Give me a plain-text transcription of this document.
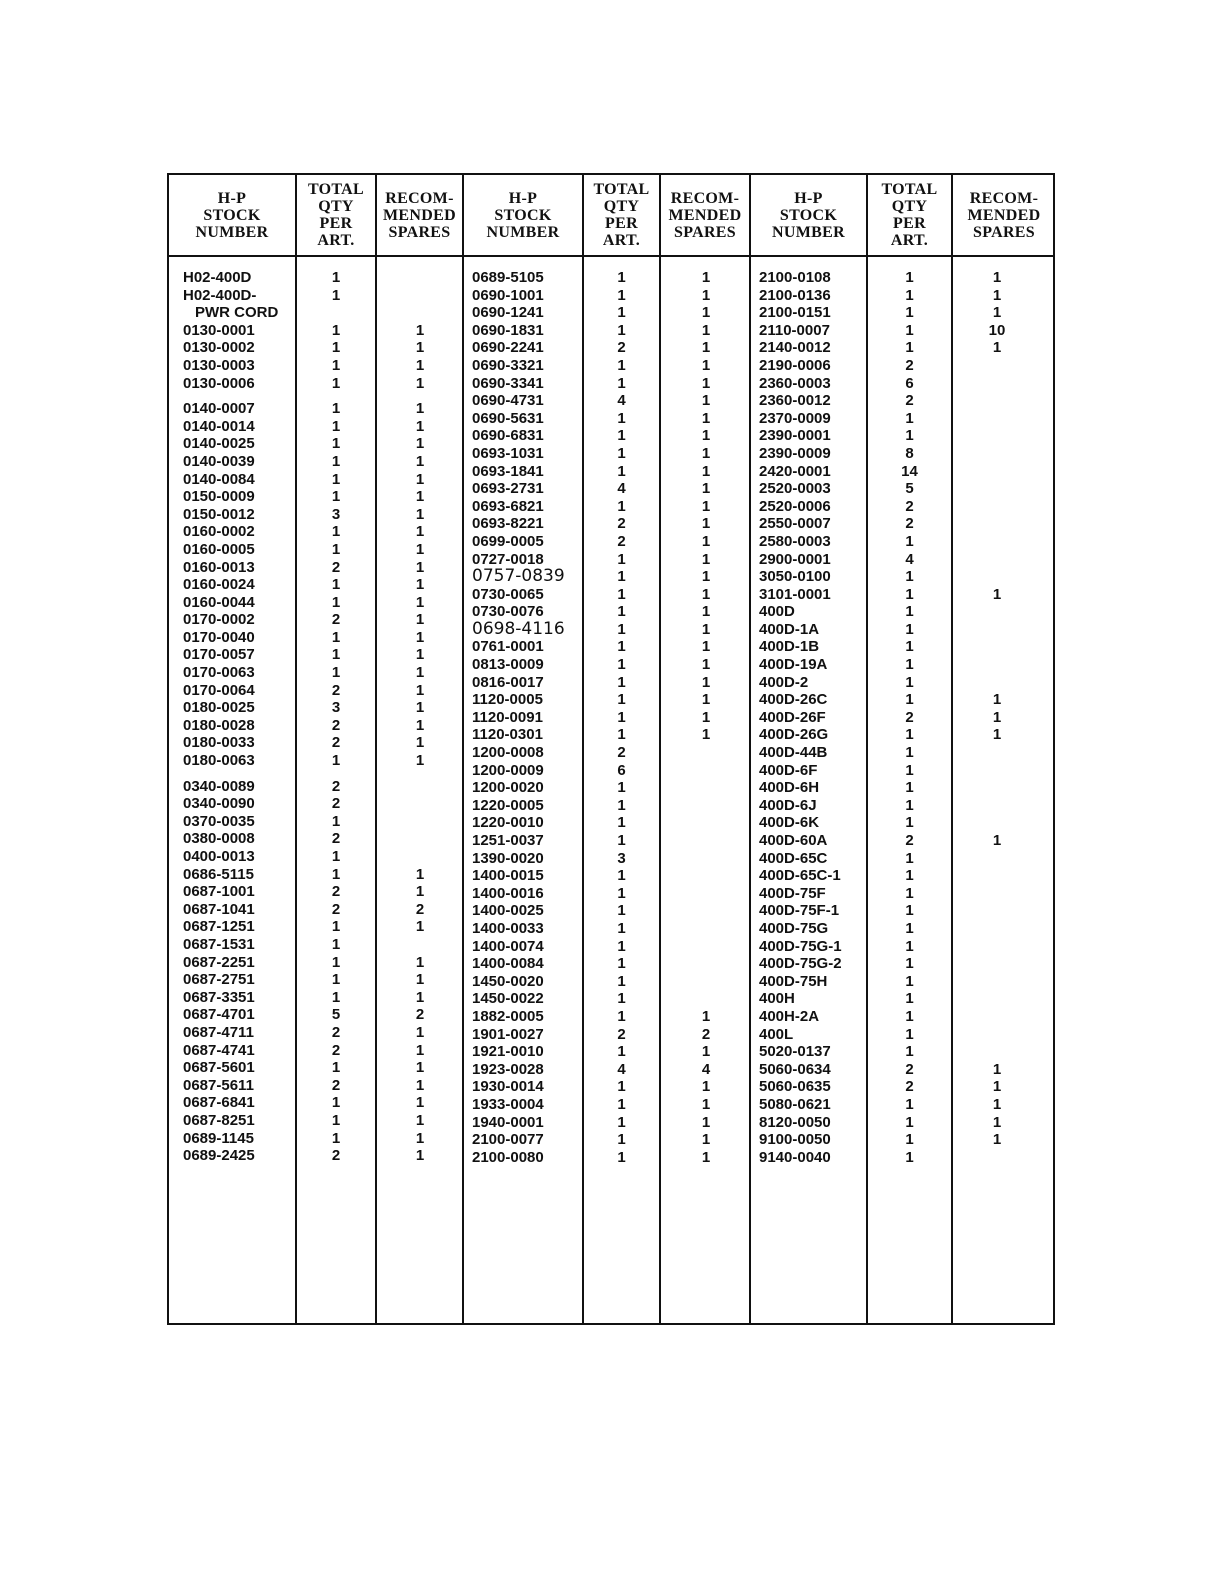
H-P
STOCK
NUMBER
TOTAL
QTY
PER
ART.
RECOM-
MENDED
SPARES
H-P
STOCK
NUMBER
TOTAL
QTY
PER
ART.
RECOM-
MENDED
SPARES
H-P
STOCK
NUMBER
TOTAL
QTY
PER
ART.
RECOM-
MENDED
SPARES
H02-400D
H02-400D-
PWR CORD
0130-0001
0130-0002
0130-0003
0130-0006
0140-0007
0140-0014
0140-0025
0140-0039
0140-0084
0150-0009
0150-0012
0160-0002
0160-0005
0160-0013
0160-0024
0160-0044
0170-0002
0170-0040
0170-0057
0170-0063
0170-0064
0180-0025
0180-0028
0180-0033
0180-0063
0340-0089
0340-0090
0370-0035
0380-0008
0400-0013
0686-5115
0687-1001
0687-1041
0687-1251
0687-1531
0687-2251
0687-2751
0687-3351
0687-4701
0687-4711
0687-4741
0687-5601
0687-5611
0687-6841
0687-8251
0689-1145
0689-2425
1
1
1
1
1
1
1
1
1
1
1
1
3
1
1
2
1
1
2
1
1
1
2
3
2
2
1
2
2
1
2
1
1
2
2
1
1
1
1
1
5
2
2
1
2
1
1
1
2
1
1
1
1
1
1
1
1
1
1
1
1
1
1
1
1
1
1
1
1
1
1
1
1
1
1
1
2
1
1
1
1
2
1
1
1
1
1
1
1
1
0689-5105
0690-1001
0690-1241
0690-1831
0690-2241
0690-3321
0690-3341
0690-4731
0690-5631
0690-6831
0693-1031
0693-1841
0693-2731
0693-6821
0693-8221
0699-0005
0727-0018
0757-0839
0730-0065
0730-0076
0698-4116
0761-0001
0813-0009
0816-0017
1120-0005
1120-0091
1120-0301
1200-0008
1200-0009
1200-0020
1220-0005
1220-0010
1251-0037
1390-0020
1400-0015
1400-0016
1400-0025
1400-0033
1400-0074
1400-0084
1450-0020
1450-0022
1882-0005
1901-0027
1921-0010
1923-0028
1930-0014
1933-0004
1940-0001
2100-0077
2100-0080
1
1
1
1
2
1
1
4
1
1
1
1
4
1
2
2
1
1
1
1
1
1
1
1
1
1
1
2
6
1
1
1
1
3
1
1
1
1
1
1
1
1
1
2
1
4
1
1
1
1
1
1
1
1
1
1
1
1
1
1
1
1
1
1
1
1
1
1
1
1
1
1
1
1
1
1
1
1
1
2
1
4
1
1
1
1
1
2100-0108
2100-0136
2100-0151
2110-0007
2140-0012
2190-0006
2360-0003
2360-0012
2370-0009
2390-0001
2390-0009
2420-0001
2520-0003
2520-0006
2550-0007
2580-0003
2900-0001
3050-0100
3101-0001
400D
400D-1A
400D-1B
400D-19A
400D-2
400D-26C
400D-26F
400D-26G
400D-44B
400D-6F
400D-6H
400D-6J
400D-6K
400D-60A
400D-65C
400D-65C-1
400D-75F
400D-75F-1
400D-75G
400D-75G-1
400D-75G-2
400D-75H
400H
400H-2A
400L
5020-0137
5060-0634
5060-0635
5080-0621
8120-0050
9100-0050
9140-0040
1
1
1
1
1
2
6
2
1
1
8
14
5
2
2
1
4
1
1
1
1
1
1
1
1
2
1
1
1
1
1
1
2
1
1
1
1
1
1
1
1
1
1
1
1
2
2
1
1
1
1
1
1
1
10
1
1
1
1
1
1
1
1
1
1
1
